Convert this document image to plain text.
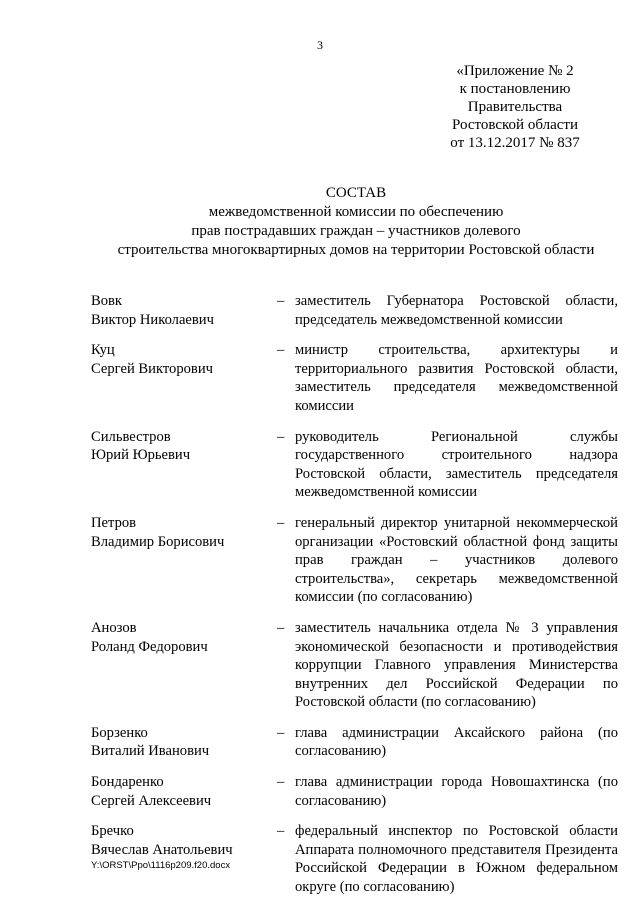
3
«Приложение № 2
к постановлению
Правительства
Ростовской области
от 13.12.2017 № 837
СОСТАВ
межведомственной комиссии по обеспечению
прав пострадавших граждан – участников долевого
строительства многоквартирных домов на территории Ростовской области
Вовк
Виктор Николаевич
– заместитель Губернатора Ростовской области, председатель межведомственной комиссии
Куц
Сергей Викторович
– министр строительства, архитектуры и территориального развития Ростовской области, заместитель председателя межведомственной комиссии
Сильвестров
Юрий Юрьевич
– руководитель Региональной службы государственного строительного надзора Ростовской области, заместитель председателя межведомственной комиссии
Петров
Владимир Борисович
– генеральный директор унитарной некоммерческой организации «Ростовский областной фонд защиты прав граждан – участников долевого строительства», секретарь межведомственной комиссии (по согласованию)
Анозов
Роланд Федорович
– заместитель начальника отдела № 3 управления экономической безопасности и противодействия коррупции Главного управления Министерства внутренних дел Российской Федерации по Ростовской области (по согласованию)
Борзенко
Виталий Иванович
– глава администрации Аксайского района (по согласованию)
Бондаренко
Сергей Алексеевич
– глава администрации города Новошахтинска (по согласованию)
Бречко
Вячеслав Анатольевич
– федеральный инспектор по Ростовской области Аппарата полномочного представителя Президента Российской Федерации в Южном федеральном округе (по согласованию)
Y:\ORST\Ppo\1116p209.f20.docx
